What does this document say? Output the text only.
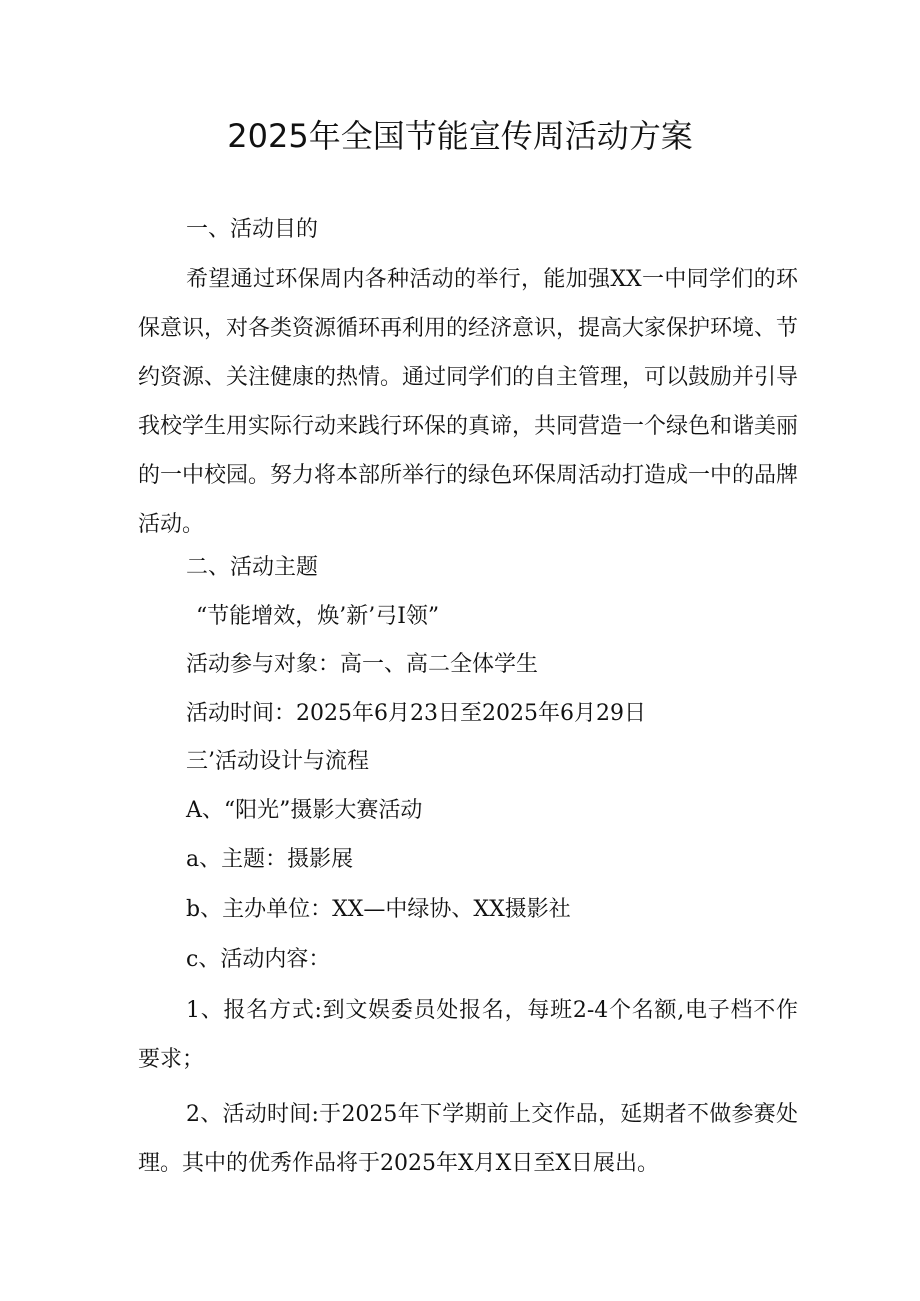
2025年全国节能宣传周活动方案
一、活动目的
希望通过环保周内各种活动的举行，能加强XX一中同学们的环保意识，对各类资源循环再利用的经济意识，提高大家保护环境、节约资源、关注健康的热情。通过同学们的自主管理，可以鼓励并引导我校学生用实际行动来践行环保的真谛，共同营造一个绿色和谐美丽的一中校园。努力将本部所举行的绿色环保周活动打造成一中的品牌活动。
二、活动主题
“节能增效，焕’新’弓I领”
活动参与对象：高一、高二全体学生
活动时间：2025年6月23日至2025年6月29日
三’活动设计与流程
A、“阳光”摄影大赛活动
a、主题：摄影展
b、主办单位：XX—中绿协、XX摄影社
c、活动内容：
1、报名方式:到文娱委员处报名，每班2-4个名额,电子档不作要求；
2、活动时间:于2025年下学期前上交作品，延期者不做参赛处理。其中的优秀作品将于2025年X月X日至X日展出。
